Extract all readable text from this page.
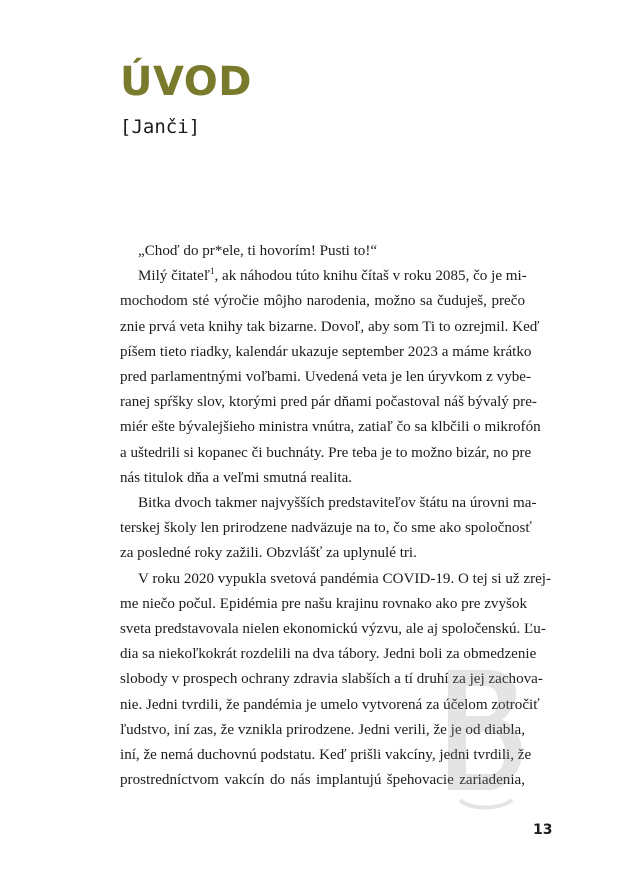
ÚVOD
[Janči]

„Choď do pr*ele, ti hovorím! Pusti to!“

Milý čitateľ$^1$, ak náhodou túto knihu čítaš v roku 2085, čo je mi-

mochodom sté výročie môjho narodenia, možno sa čuduješ, prečo

znie prvá veta knihy tak bizarne. Dovoľ, aby som Ti to ozrejmil. Keď

píšem tieto riadky, kalendár ukazuje september 2023 a máme krátko

pred parlamentnými voľbami. Uvedená veta je len úryvkom z vybe-

ranej spŕšky slov, ktorými pred pár dňami počastoval náš bývalý pre-

miér ešte bývalejšieho ministra vnútra, zatiaľ čo sa klbčili o mikrofón

a uštedrili si kopanec či buchnáty. Pre teba je to možno bizár, no pre

nás titulok dňa a veľmi smutná realita.

Bitka dvoch takmer najvyšších predstaviteľov štátu na úrovni ma-

terskej školy len prirodzene nadväzuje na to, čo sme ako spoločnosť

za posledné roky zažili. Obzvlášť za uplynulé tri.

V roku 2020 vypukla svetová pandémia COVID-19. O tej si už zrej-

me niečo počul. Epidémia pre našu krajinu rovnako ako pre zvyšok

sveta predstavovala nielen ekonomickú výzvu, ale aj spoločenskú. Ľu-

dia sa niekoľkokrát rozdelili na dva tábory. Jedni boli za obmedzenie

slobody v prospech ochrany zdravia slabších a tí druhí za jej zachova-

nie. Jedni tvrdili, že pandémia je umelo vytvorená za účelom zotročiť

ľudstvo, iní zas, že vznikla prirodzene. Jedni verili, že je od diabla,

iní, že nemá duchovnú podstatu. Keď prišli vakcíny, jedni tvrdili, že

prostredníctvom vakcín do nás implantujú špehovacie zariadenia,

13
